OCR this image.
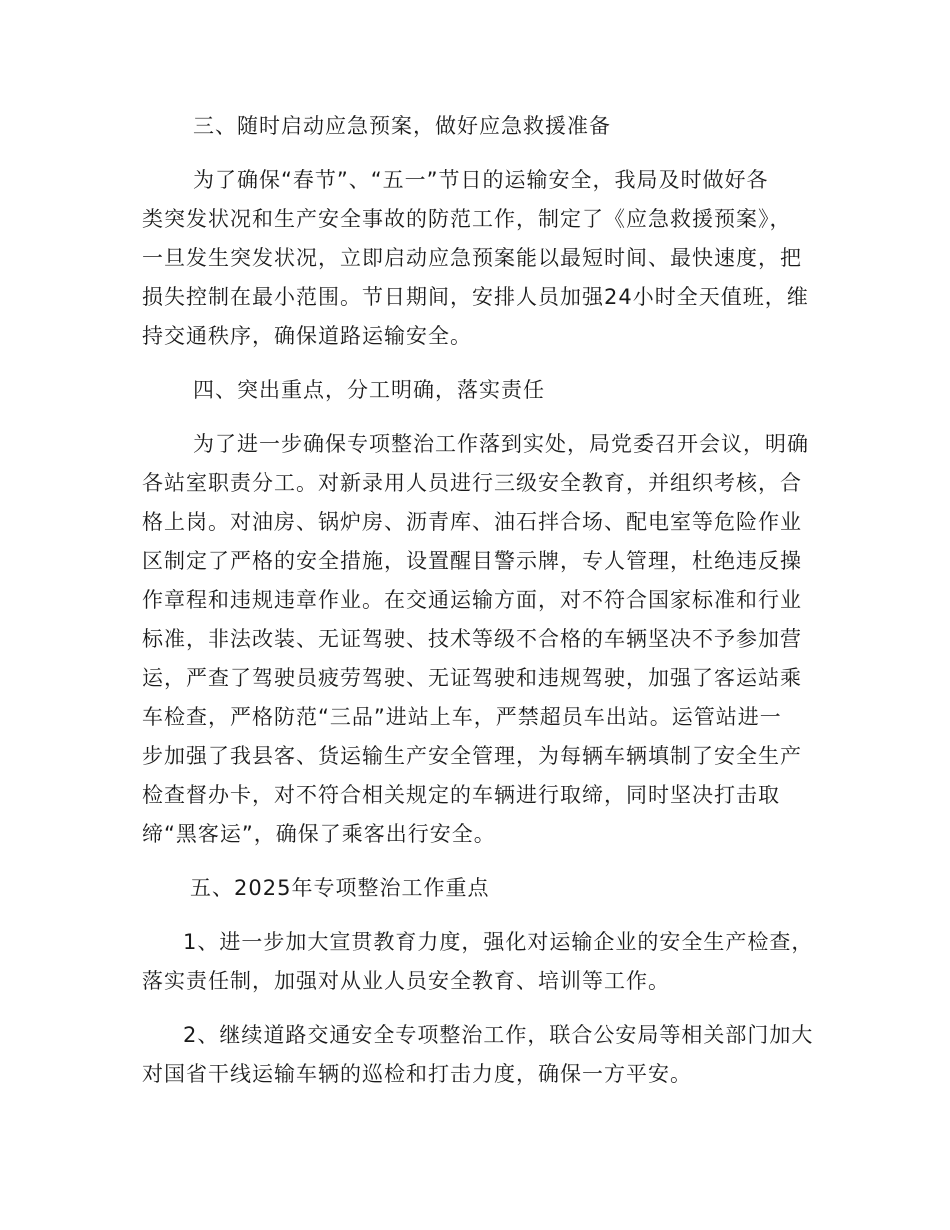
三、随时启动应急预案，做好应急救援准备
为了确保“春节”、“五一”节日的运输安全，我局及时做好各
类突发状况和生产安全事故的防范工作，制定了《应急救援预案》，
一旦发生突发状况，立即启动应急预案能以最短时间、最快速度，把
损失控制在最小范围。节日期间，安排人员加强24小时全天值班，维
持交通秩序，确保道路运输安全。
四、突出重点，分工明确，落实责任
为了进一步确保专项整治工作落到实处，局党委召开会议，明确
各站室职责分工。对新录用人员进行三级安全教育，并组织考核，合
格上岗。对油房、锅炉房、沥青库、油石拌合场、配电室等危险作业
区制定了严格的安全措施，设置醒目警示牌，专人管理，杜绝违反操
作章程和违规违章作业。在交通运输方面，对不符合国家标准和行业
标准，非法改装、无证驾驶、技术等级不合格的车辆坚决不予参加营
运，严查了驾驶员疲劳驾驶、无证驾驶和违规驾驶，加强了客运站乘
车检查，严格防范“三品”进站上车，严禁超员车出站。运管站进一
步加强了我县客、货运输生产安全管理，为每辆车辆填制了安全生产
检查督办卡，对不符合相关规定的车辆进行取缔，同时坚决打击取
缔“黑客运”，确保了乘客出行安全。
五、2025年专项整治工作重点
1、进一步加大宣贯教育力度，强化对运输企业的安全生产检查，
落实责任制，加强对从业人员安全教育、培训等工作。
2、继续道路交通安全专项整治工作，联合公安局等相关部门加大
对国省干线运输车辆的巡检和打击力度，确保一方平安。
